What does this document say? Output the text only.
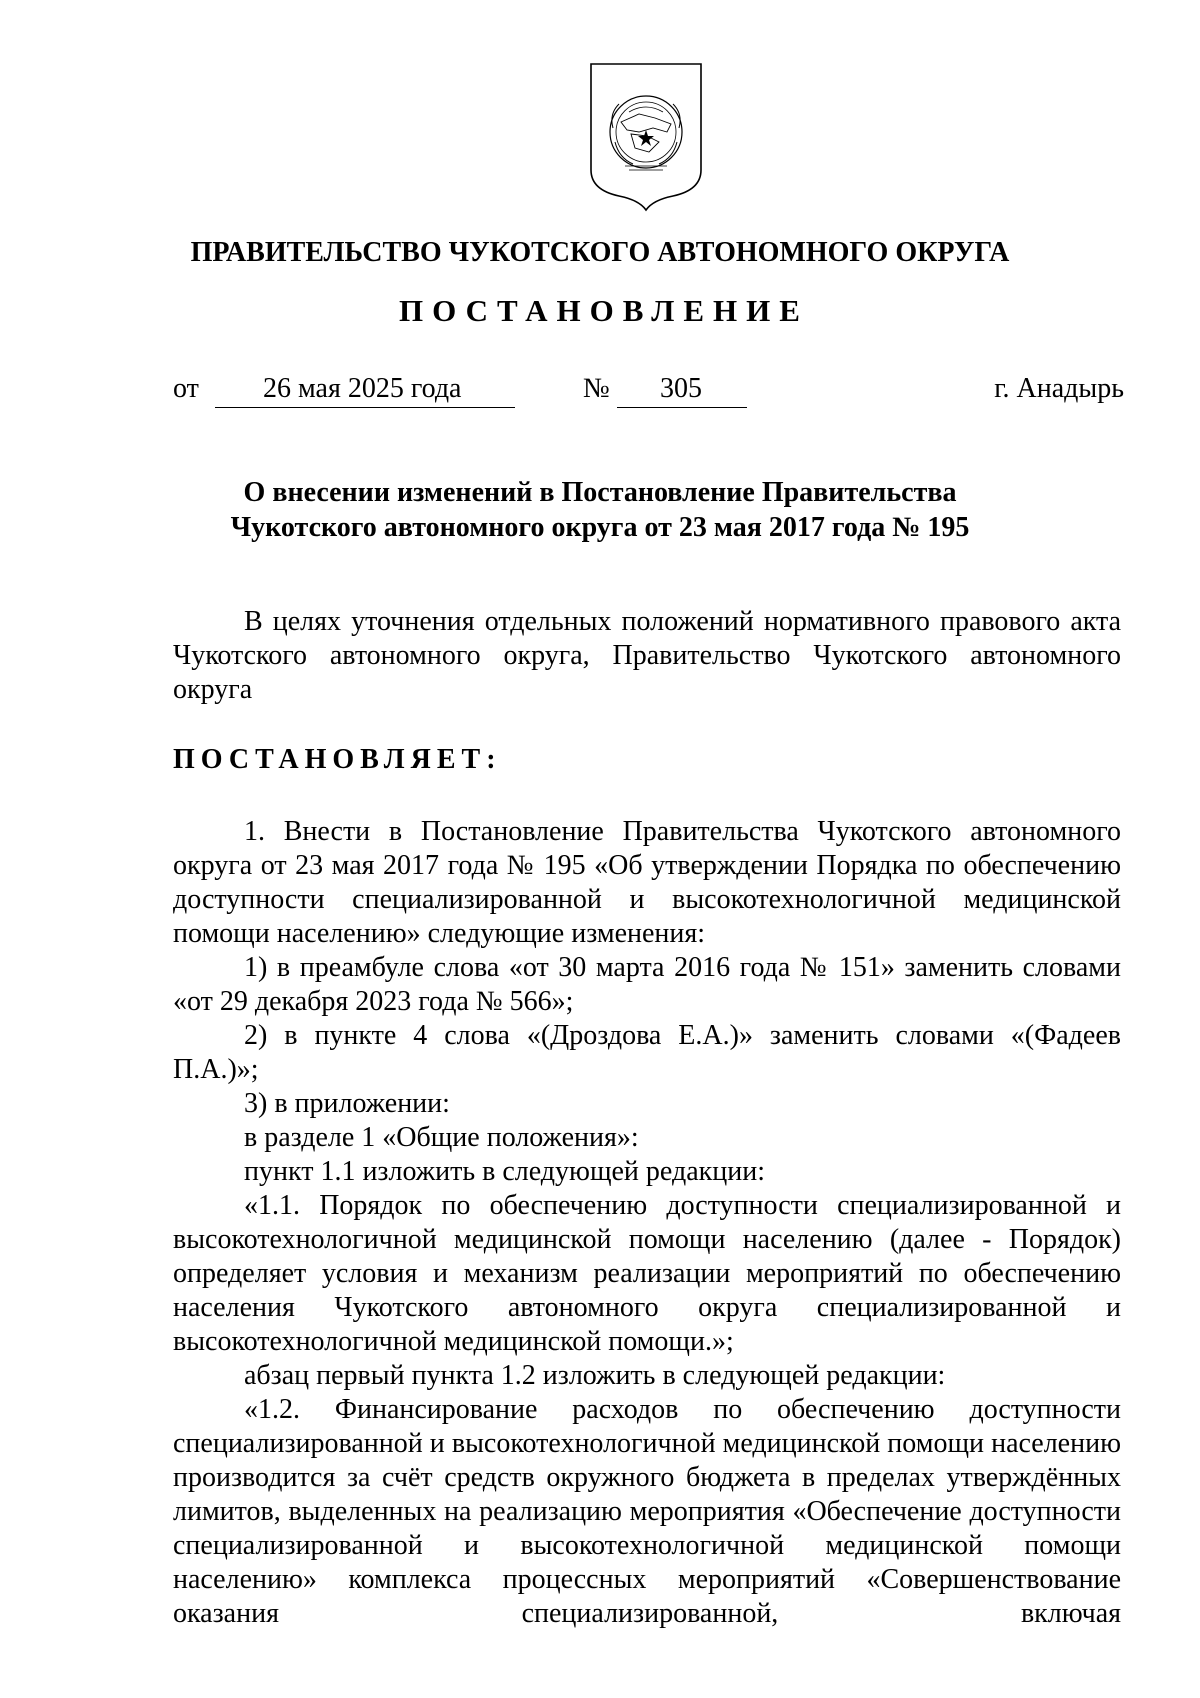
ПРАВИТЕЛЬСТВО ЧУКОТСКОГО АВТОНОМНОГО ОКРУГА
ПОСТАНОВЛЕНИЕ
от 26 мая 2025 года	№ 305	г. Анадырь
О внесении изменений в Постановление Правительства
Чукотского автономного округа от 23 мая 2017 года № 195

В целях уточнения отдельных положений нормативного правового акта Чукотского автономного округа, Правительство Чукотского автономного округа

ПОСТАНОВЛЯЕТ:

1. Внести в Постановление Правительства Чукотского автономного округа от 23 мая 2017 года № 195 «Об утверждении Порядка по обеспечению доступности специализированной и высокотехнологичной медицинской помощи населению» следующие изменения:

1) в преамбуле слова «от 30 марта 2016 года № 151» заменить словами «от 29 декабря 2023 года № 566»;

2) в пункте 4 слова «(Дроздова Е.А.)» заменить словами «(Фадеев П.А.)»;

3) в приложении:

в разделе 1 «Общие положения»:

пункт 1.1 изложить в следующей редакции:

«1.1. Порядок по обеспечению доступности специализированной и высокотехнологичной медицинской помощи населению (далее - Порядок) определяет условия и механизм реализации мероприятий по обеспечению населения Чукотского автономного округа специализированной и высокотехнологичной медицинской помощи.»;

абзац первый пункта 1.2 изложить в следующей редакции:

«1.2. Финансирование расходов по обеспечению доступности специализированной и высокотехнологичной медицинской помощи населению производится за счёт средств окружного бюджета в пределах утверждённых лимитов, выделенных на реализацию мероприятия «Обеспечение доступности специализированной и высокотехнологичной медицинской помощи населению» комплекса процессных мероприятий «Совершенствование оказания специализированной, включая
